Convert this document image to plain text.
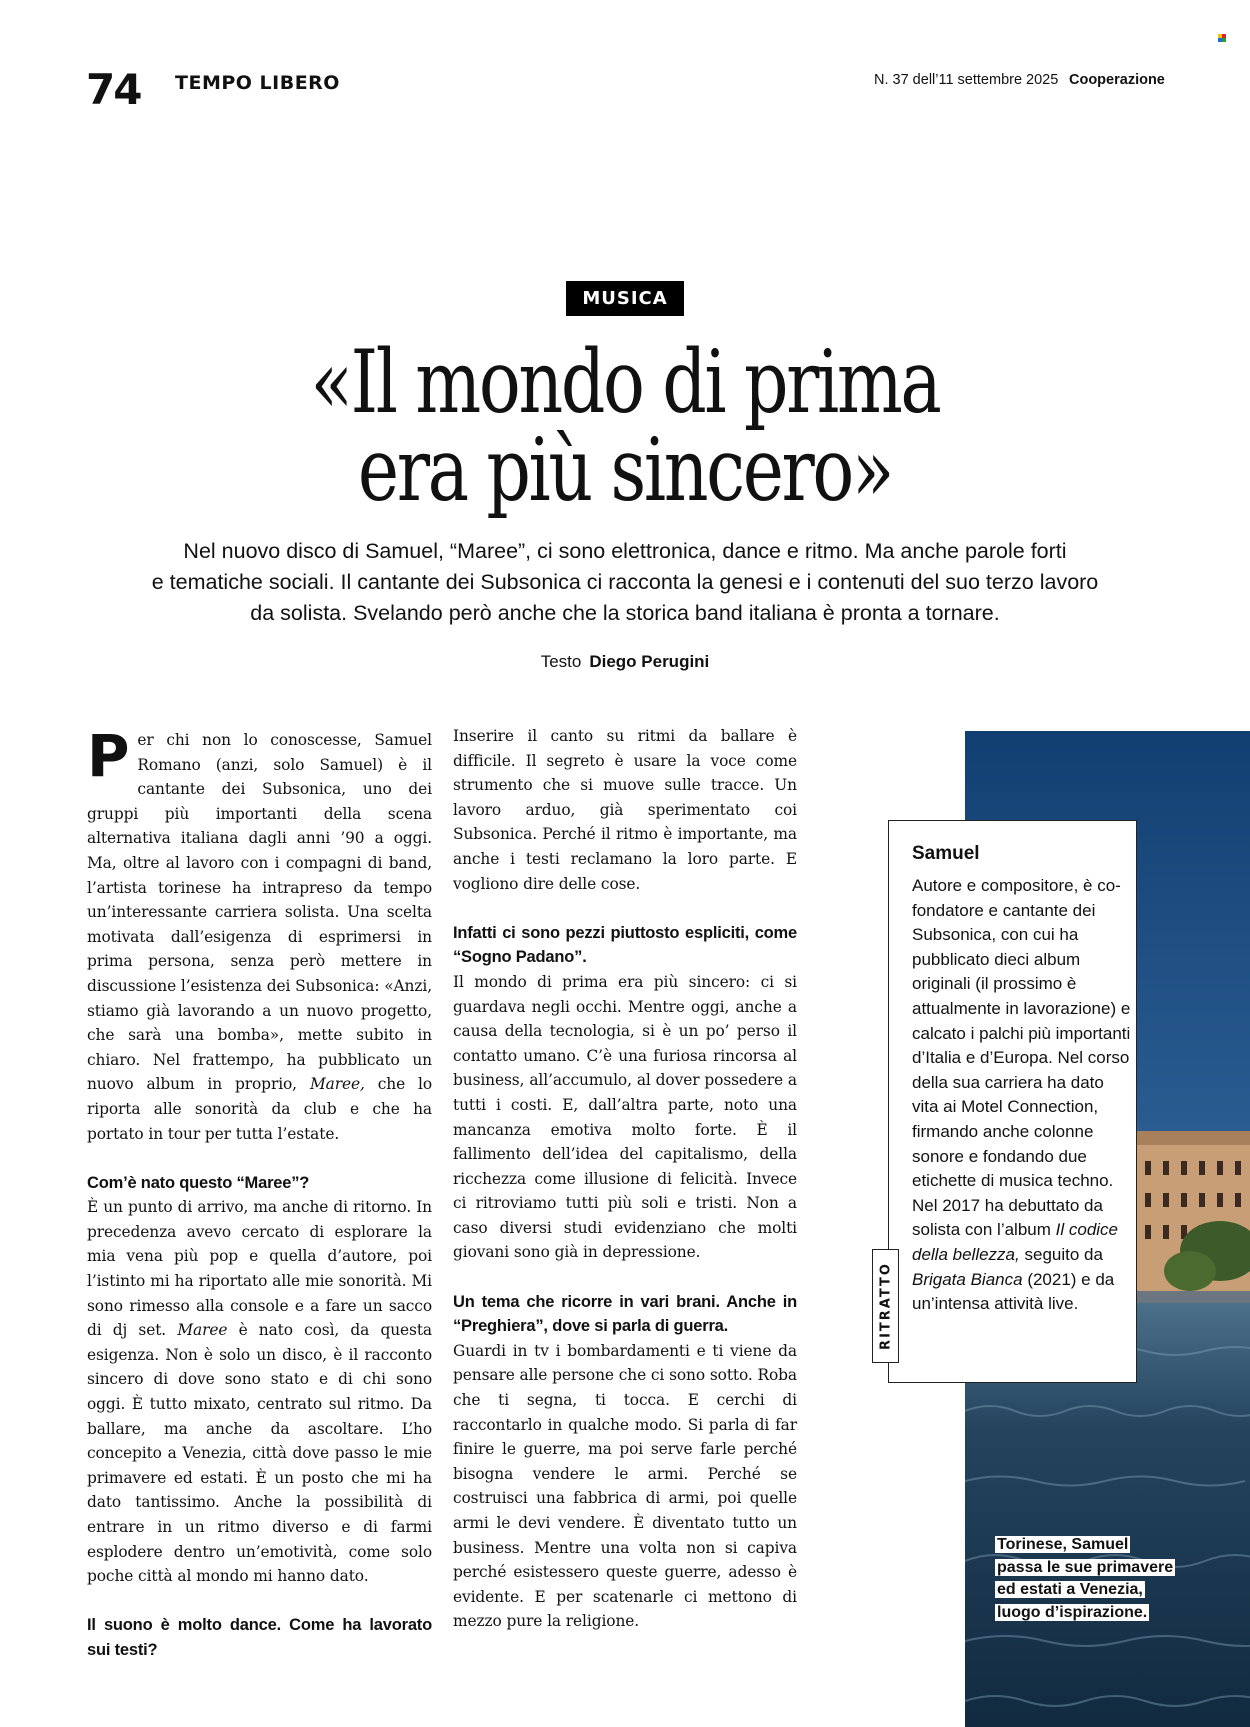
74 TEMPO LIBERO	N. 37 dell’11 settembre 2025 Cooperazione
MUSICA
«Il mondo di prima
era più sincero»
Nel nuovo disco di Samuel, “Maree”, ci sono elettronica, dance e ritmo. Ma anche parole forti
e tematiche sociali. Il cantante dei Subsonica ci racconta la genesi e i contenuti del suo terzo lavoro
da solista. Svelando però anche che la storica band italiana è pronta a tornare.
Testo Diego Perugini

Per chi non lo conoscesse, Samuel Romano (anzi, solo Samuel) è il cantante dei Subsonica, uno dei gruppi più importanti della scena alternativa italiana dagli anni ’90 a oggi. Ma, oltre al lavoro con i compagni di band, l’artista torinese ha intrapreso da tempo un’interessante carriera solista. Una scelta motivata dall’esigenza di esprimersi in prima persona, senza però mettere in discussione l’esistenza dei Subsonica: «Anzi, stiamo già lavorando a un nuovo progetto, che sarà una bomba», mette subito in chiaro. Nel frattempo, ha pubblicato un nuovo album in proprio, Maree, che lo riporta alle sonorità da club e che ha portato in tour per tutta l’estate.

Com’è nato questo “Maree”?

È un punto di arrivo, ma anche di ritorno. In precedenza avevo cercato di esplorare la mia vena più pop e quella d’autore, poi l’istinto mi ha riportato alle mie sonorità. Mi sono rimesso alla console e a fare un sacco di dj set. Maree è nato così, da questa esigenza. Non è solo un disco, è il racconto sincero di dove sono stato e di chi sono oggi. È tutto mixato, centrato sul ritmo. Da ballare, ma anche da ascoltare. L’ho concepito a Venezia, città dove passo le mie primavere ed estati. È un posto che mi ha dato tantissimo. Anche la possibilità di entrare in un ritmo diverso e di farmi esplodere dentro un’emotività, come solo poche città al mondo mi hanno dato.

Il suono è molto dance. Come ha lavorato sui testi?

Inserire il canto su ritmi da ballare è difficile. Il segreto è usare la voce come strumento che si muove sulle tracce. Un lavoro arduo, già sperimentato coi Subsonica. Perché il ritmo è importante, ma anche i testi reclamano la loro parte. E vogliono dire delle cose.

Infatti ci sono pezzi piuttosto espliciti, come “Sogno Padano”.

Il mondo di prima era più sincero: ci si guardava negli occhi. Mentre oggi, anche a causa della tecnologia, si è un po’ perso il contatto umano. C’è una furiosa rincorsa al business, all’accumulo, al dover possedere a tutti i costi. E, dall’altra parte, noto una mancanza emotiva molto forte. È il fallimento dell’idea del capitalismo, della ricchezza come illusione di felicità. Invece ci ritroviamo tutti più soli e tristi. Non a caso diversi studi evidenziano che molti giovani sono già in depressione.

Un tema che ricorre in vari brani. Anche in “Preghiera”, dove si parla di guerra.

Guardi in tv i bombardamenti e ti viene da pensare alle persone che ci sono sotto. Roba che ti segna, ti tocca. E cerchi di raccontarlo in qualche modo. Si parla di far finire le guerre, ma poi serve farle perché bisogna vendere le armi. Perché se costruisci una fabbrica di armi, poi quelle armi le devi vendere. È diventato tutto un business. Mentre una volta non si capiva perché esistessero queste guerre, adesso è evidente. E per scatenarle ci mettono di mezzo pure la religione.

Samuel
Autore e compositore, è co-fondatore e cantante dei Subsonica, con cui ha pubblicato dieci album originali (il prossimo è attualmente in lavorazione) e calcato i palchi più importanti d’Italia e d’Europa. Nel corso della sua carriera ha dato vita ai Motel Connection, firmando anche colonne sonore e fondando due etichette di musica techno. Nel 2017 ha debuttato da solista con l’album Il codice della bellezza, seguito da Brigata Bianca (2021) e da un’intensa attività live.
RITRATTO
Torinese, Samuel
passa le sue primavere
ed estati a Venezia,
luogo d’ispirazione.
